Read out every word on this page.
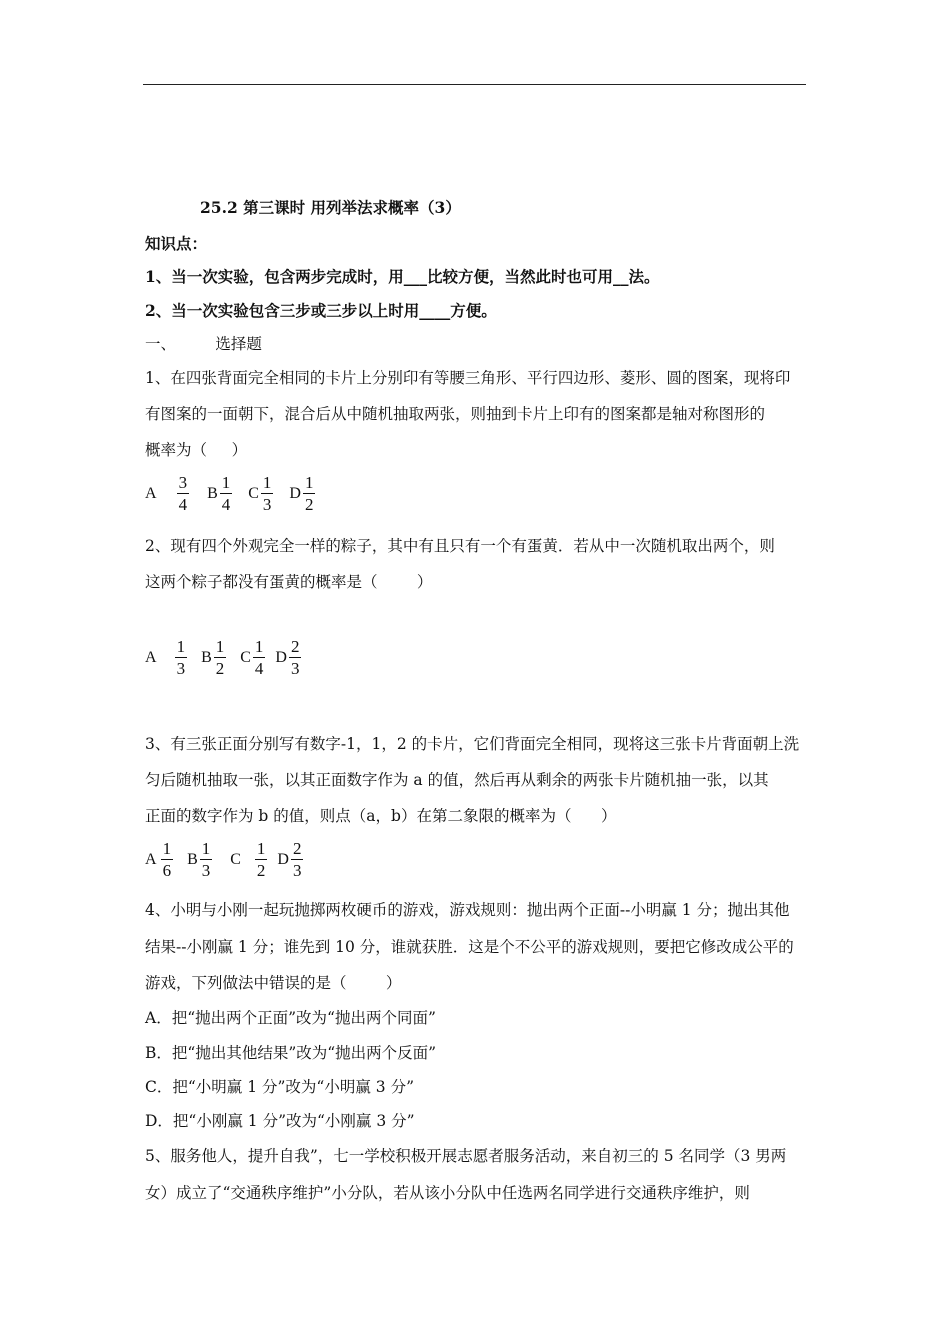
25.2 第三课时 用列举法求概率（3）
知识点：
1、当一次实验，包含两步完成时，用___比较方便，当然此时也可用__法。
2、当一次实验包含三步或三步以上时用____方便。
一、        选择题
1、在四张背面完全相同的卡片上分别印有等腰三角形、平行四边形、菱形、圆的图案，现将印
有图案的一面朝下，混合后从中随机抽取两张，则抽到卡片上印有的图案都是轴对称图形的
概率为（     ）
A $\frac{3}{4}$ B $\frac{1}{4}$ C $\frac{1}{3}$ D $\frac{1}{2}$
2、现有四个外观完全一样的粽子，其中有且只有一个有蛋黄．若从中一次随机取出两个，则
这两个粽子都没有蛋黄的概率是（        ）
A $\frac{1}{3}$ B $\frac{1}{2}$ C $\frac{1}{4}$ D $\frac{2}{3}$
3、有三张正面分别写有数字-1，1，2 的卡片，它们背面完全相同，现将这三张卡片背面朝上洗
匀后随机抽取一张，以其正面数字作为 a 的值，然后再从剩余的两张卡片随机抽一张，以其
正面的数字作为 b 的值，则点（a，b）在第二象限的概率为（      ）
A $\frac{1}{6}$ B $\frac{1}{3}$ C $\frac{1}{2}$ D $\frac{2}{3}$
4、小明与小刚一起玩抛掷两枚硬币的游戏，游戏规则：抛出两个正面--小明赢 1 分；抛出其他
结果--小刚赢 1 分；谁先到 10 分，谁就获胜．这是个不公平的游戏规则，要把它修改成公平的
游戏，下列做法中错误的是（        ）
A．把“抛出两个正面”改为“抛出两个同面”
B．把“抛出其他结果”改为“抛出两个反面”
C．把“小明赢 1 分”改为“小明赢 3 分”
D．把“小刚赢 1 分”改为“小刚赢 3 分”
5、服务他人，提升自我”，七一学校积极开展志愿者服务活动，来自初三的 5 名同学（3 男两
女）成立了“交通秩序维护”小分队，若从该小分队中任选两名同学进行交通秩序维护，则
